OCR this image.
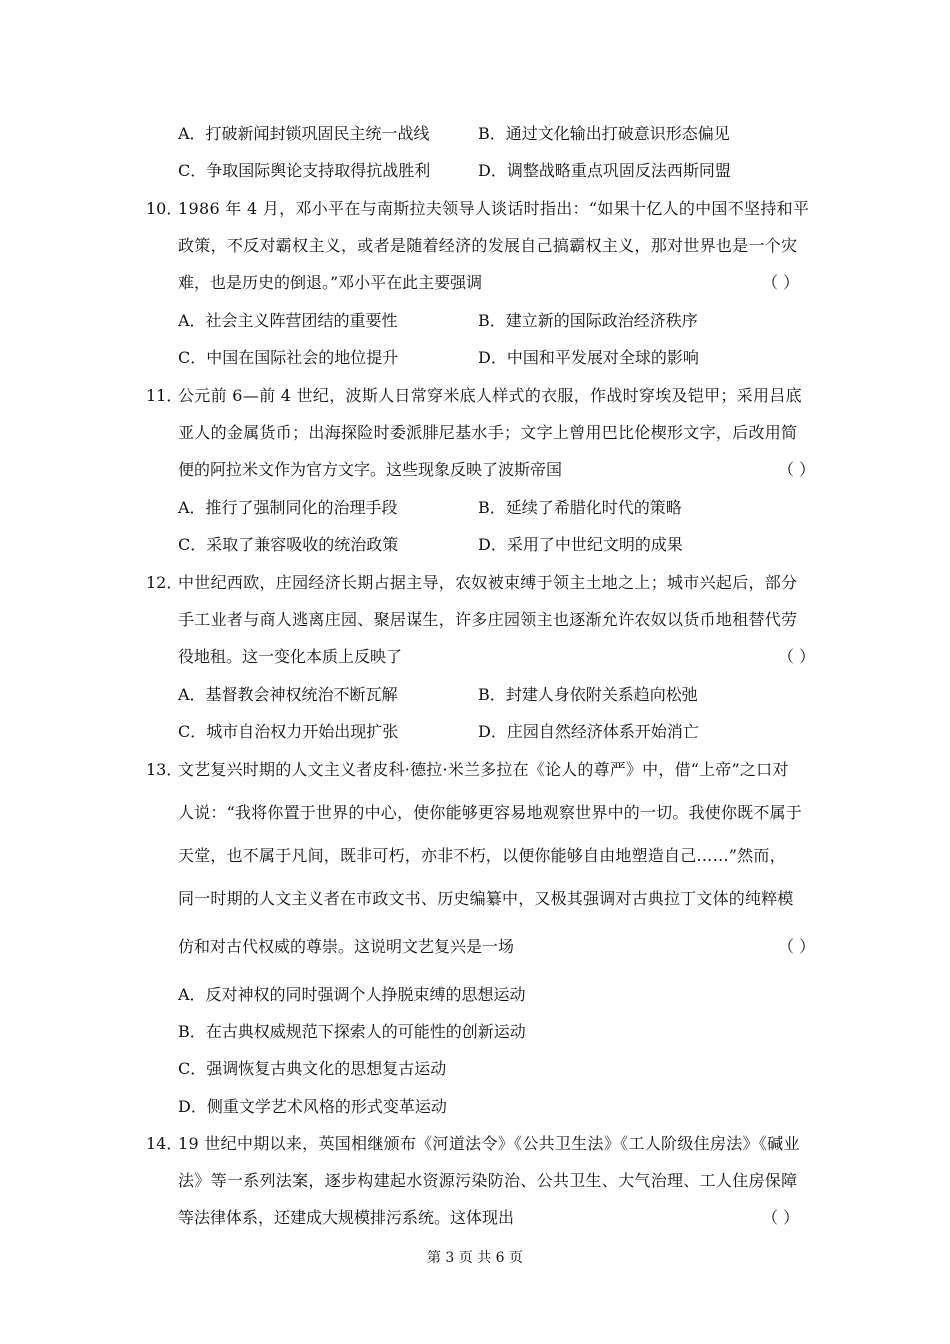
A．打破新闻封锁巩固民主统一战线	B．通过文化输出打破意识形态偏见
C．争取国际舆论支持取得抗战胜利	D．调整战略重点巩固反法西斯同盟
10．
1986 年 4 月，邓小平在与南斯拉夫领导人谈话时指出：“如果十亿人的中国不坚持和平
政策，不反对霸权主义，或者是随着经济的发展自己搞霸权主义，那对世界也是一个灾
难，也是历史的倒退。”邓小平在此主要强调	（ ）
A．社会主义阵营团结的重要性	B．建立新的国际政治经济秩序
C．中国在国际社会的地位提升	D．中国和平发展对全球的影响
11．
公元前 6—前 4 世纪，波斯人日常穿米底人样式的衣服，作战时穿埃及铠甲；采用吕底
亚人的金属货币；出海探险时委派腓尼基水手；文字上曾用巴比伦楔形文字，后改用简
便的阿拉米文作为官方文字。这些现象反映了波斯帝国	（ ）
A．推行了强制同化的治理手段	B．延续了希腊化时代的策略
C．采取了兼容吸收的统治政策	D．采用了中世纪文明的成果
12．
中世纪西欧，庄园经济长期占据主导，农奴被束缚于领主土地之上；城市兴起后，部分
手工业者与商人逃离庄园、聚居谋生，许多庄园领主也逐渐允许农奴以货币地租替代劳
役地租。这一变化本质上反映了	（ ）
A．基督教会神权统治不断瓦解	B．封建人身依附关系趋向松弛
C．城市自治权力开始出现扩张	D．庄园自然经济体系开始消亡
13．
文艺复兴时期的人文主义者皮科·德拉·米兰多拉在《论人的尊严》中，借“上帝”之口对
人说：“我将你置于世界的中心，使你能够更容易地观察世界中的一切。我使你既不属于
天堂，也不属于凡间，既非可朽，亦非不朽，以便你能够自由地塑造自己……”然而，
同一时期的人文主义者在市政文书、历史编纂中，又极其强调对古典拉丁文体的纯粹模
仿和对古代权威的尊崇。这说明文艺复兴是一场	（ ）
A．反对神权的同时强调个人挣脱束缚的思想运动
B．在古典权威规范下探索人的可能性的创新运动
C．强调恢复古典文化的思想复古运动
D．侧重文学艺术风格的形式变革运动
14．
19 世纪中期以来，英国相继颁布《河道法令》《公共卫生法》《工人阶级住房法》《碱业
法》等一系列法案，逐步构建起水资源污染防治、公共卫生、大气治理、工人住房保障
等法律体系，还建成大规模排污系统。这体现出	（ ）
第 3 页 共 6 页
